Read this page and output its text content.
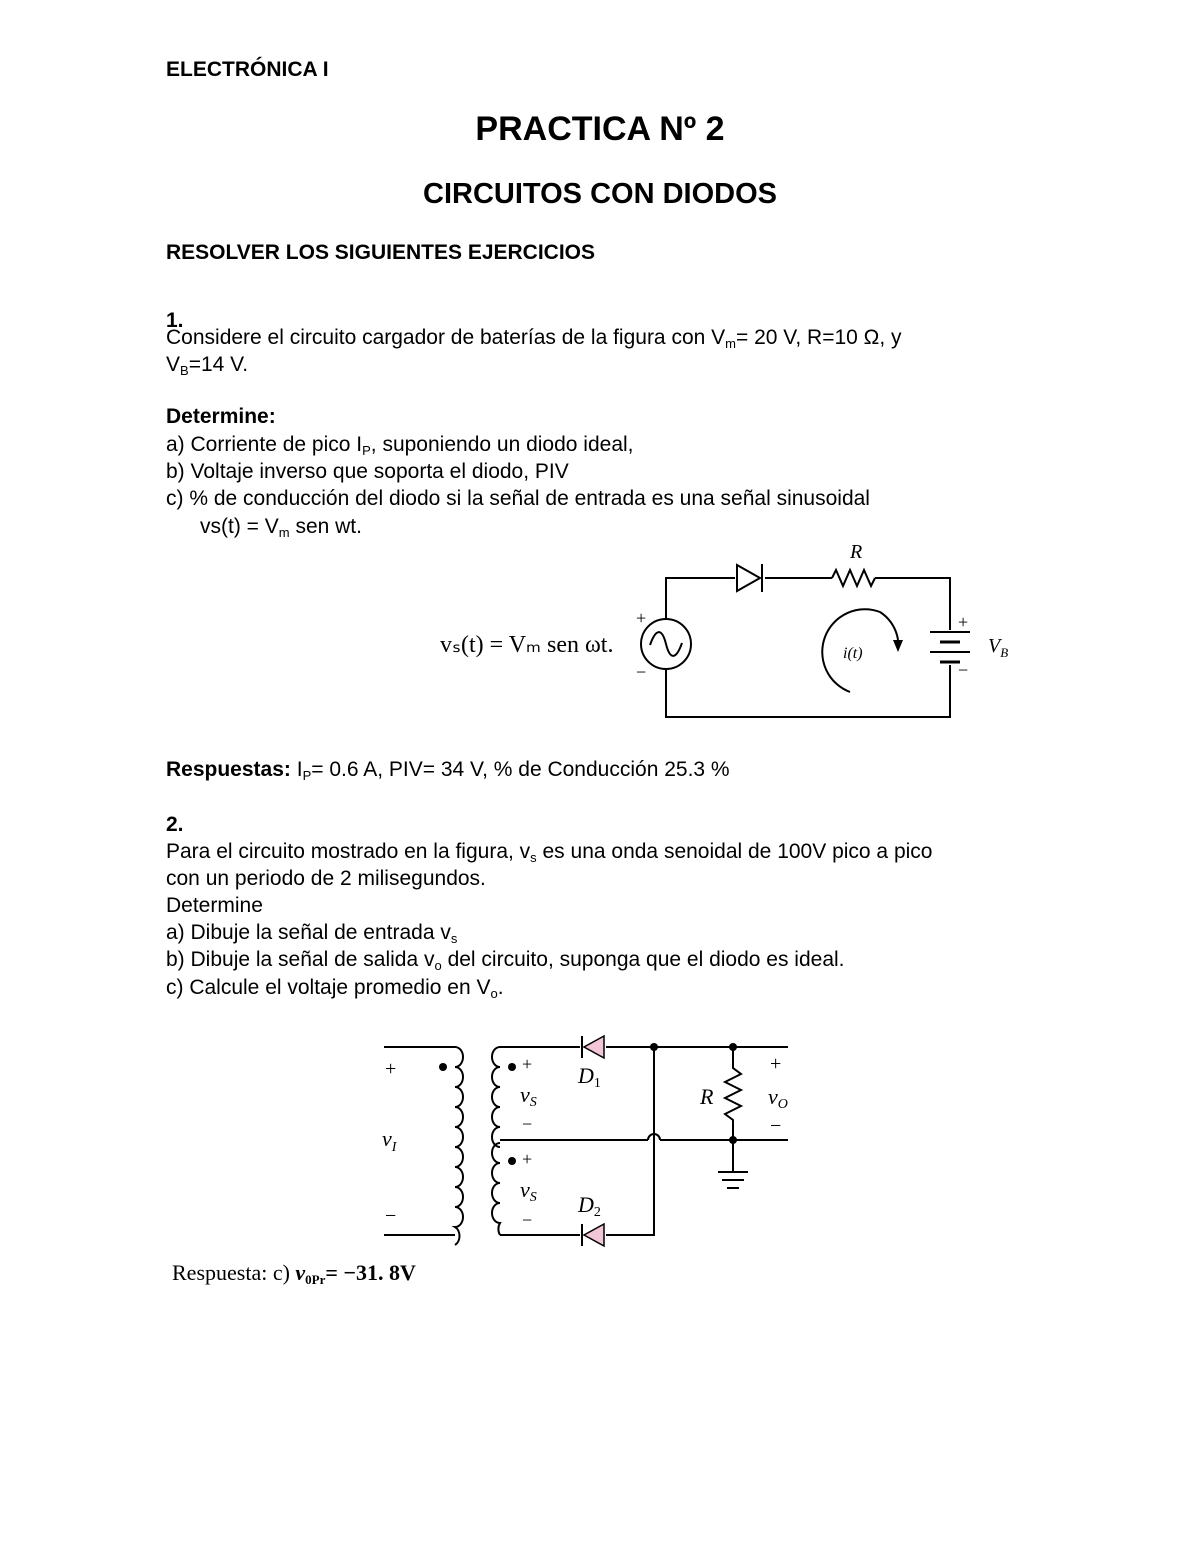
ELECTRÓNICA I
PRACTICA Nº 2
CIRCUITOS CON DIODOS
RESOLVER LOS SIGUIENTES EJERCICIOS
1.
Considere el circuito cargador de baterías de la figura con $V_m= 20$ V, R=10 Ω, y
$V_B=14$ V.
Determine:
a) Corriente de pico $I_P$, suponiendo un diodo ideal,
b) Voltaje inverso que soporta el diodo, PIV
c) % de conducción del diodo si la señal de entrada es una señal sinusoidal
$vs(t) = V_m$ sen wt.
vₛ(t) = Vₘ sen ωt.
+
−
R
+
−
$V_B$
i(t)
Respuestas: $I_P= 0.6$ A, PIV= 34 V, % de Conducción 25.3 %
2.
Para el circuito mostrado en la figura, $v_s$ es una onda senoidal de 100V pico a pico
con un periodo de 2 milisegundos.
Determine
a) Dibuje la señal de entrada $v_s$
b) Dibuje la señal de salida $v_o$ del circuito, suponga que el diodo es ideal.
c) Calcule el voltaje promedio en $V_o$.
+
−
$v_I$
+
vS
−
+
vS
−
D1
D2
R
+
vO
−
Respuesta: c) $v_{0Pr}= -31$. 8V
